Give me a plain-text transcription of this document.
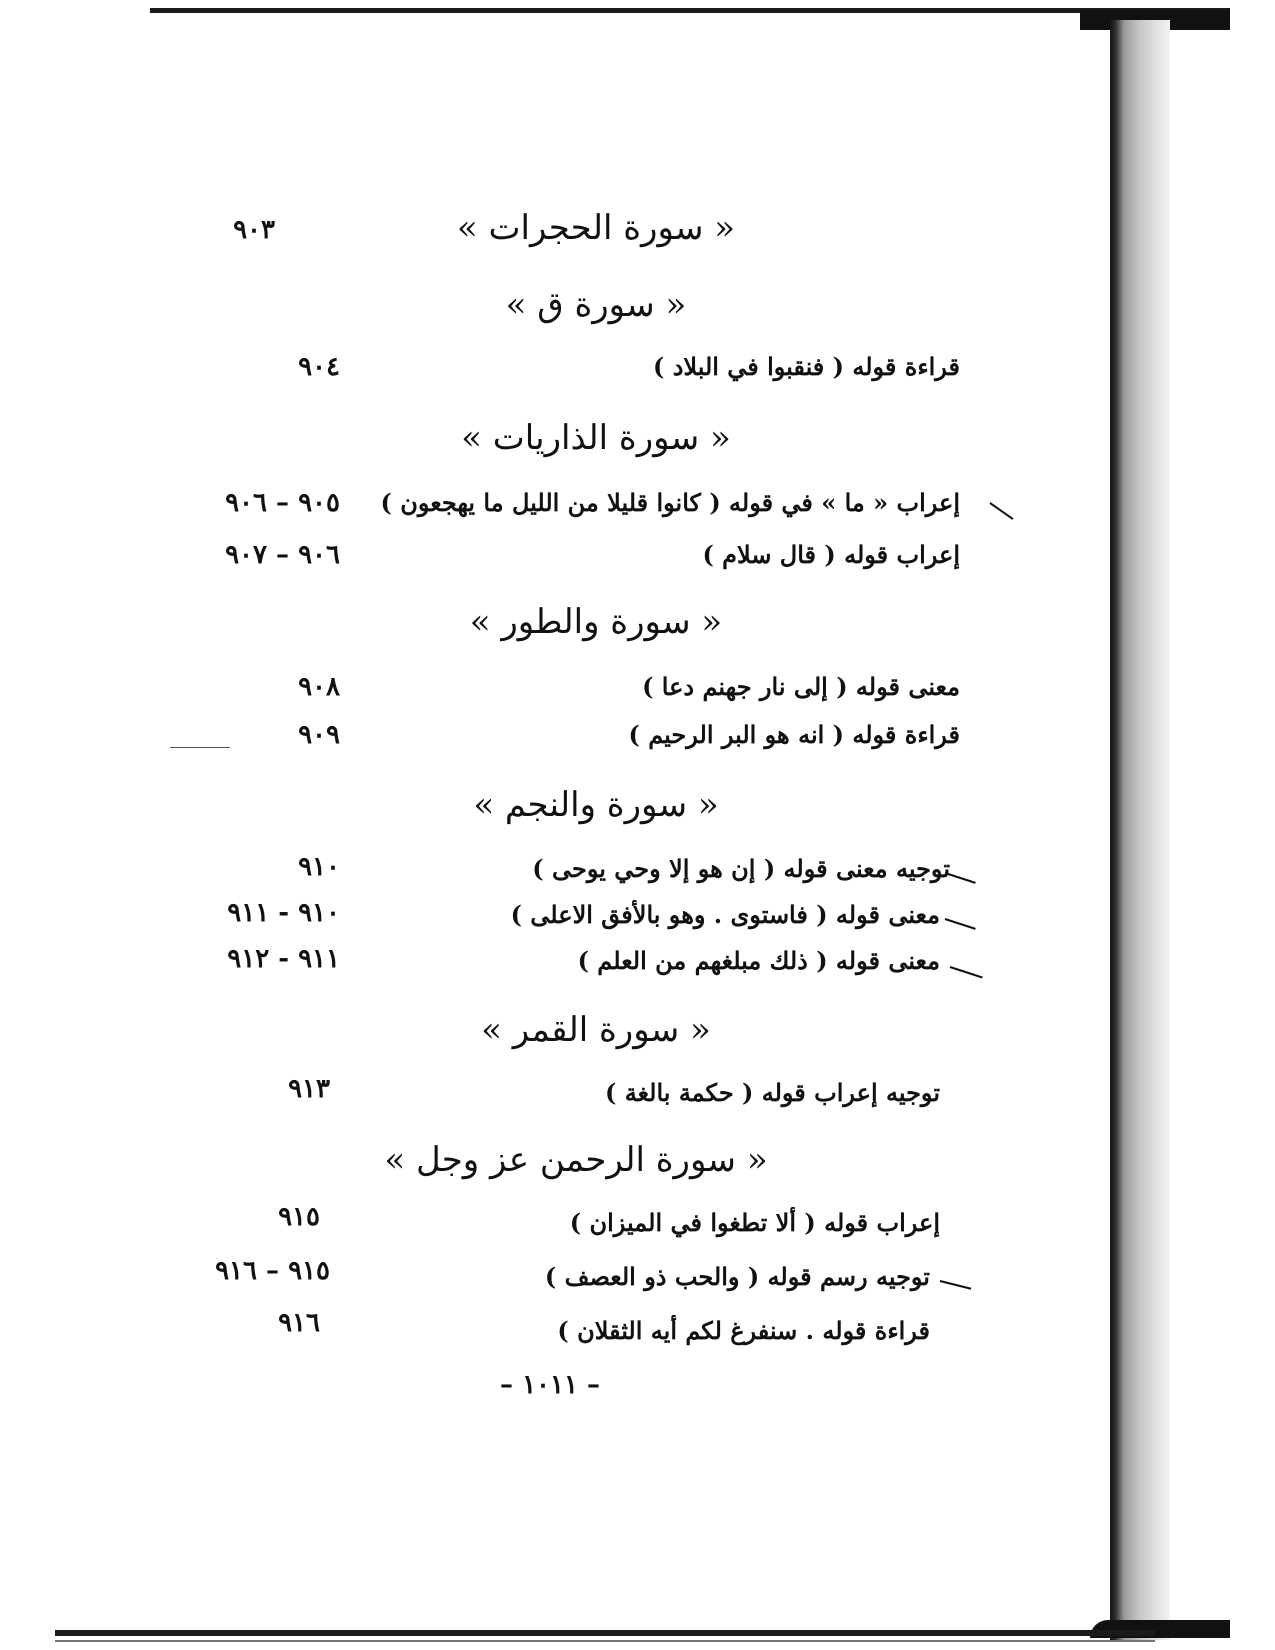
« سورة الحجرات »
٩٠٣
« سورة ق »
قراءة قوله ( فنقبوا في البلاد )
٩٠٤
« سورة الذاريات »
إعراب « ما » في قوله ( كانوا قليلا من الليل ما يهجعون )
٩٠٥ – ٩٠٦
إعراب قوله ( قال سلام )
٩٠٦ – ٩٠٧
« سورة والطور »
معنى قوله ( إلى نار جهنم دعا )
٩٠٨
قراءة قوله ( انه هو البر الرحيم )
٩٠٩
« سورة والنجم »
توجيه معنى قوله ( إن هو إلا وحي يوحى )
٩١٠
معنى قوله ( فاستوى . وهو بالأفق الاعلى )
٩١٠ - ٩١١
معنى قوله ( ذلك مبلغهم من العلم )
٩١١ - ٩١٢
« سورة القمر »
توجيه إعراب قوله ( حكمة بالغة )
٩١٣
« سورة الرحمن عز وجل »
إعراب قوله ( ألا تطغوا في الميزان )
٩١٥
توجيه رسم قوله ( والحب ذو العصف )
٩١٥ – ٩١٦
قراءة قوله . سنفرغ لكم أيه الثقلان )
٩١٦
– ١٠١١ –
